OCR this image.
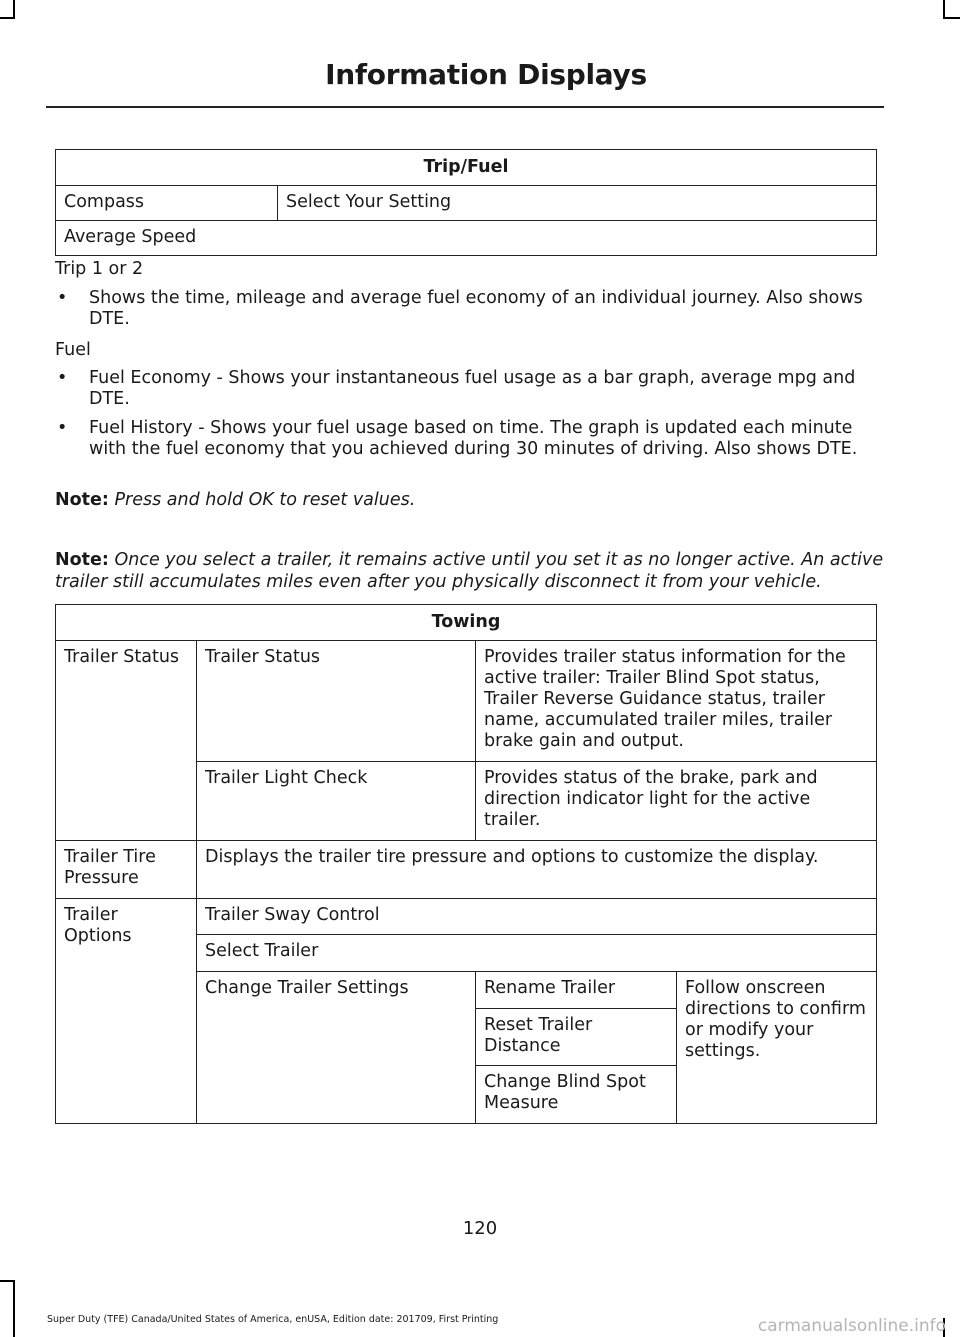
Information Displays
Trip/Fuel
Compass	Select Your Setting
Average Speed
Trip 1 or 2
• Shows the time, mileage and average fuel economy of an individual journey. Also shows DTE.
Fuel
• Fuel Economy - Shows your instantaneous fuel usage as a bar graph, average mpg and DTE.
• Fuel History - Shows your fuel usage based on time. The graph is updated each minute with the fuel economy that you achieved during 30 minutes of driving. Also shows DTE.
Note: Press and hold OK to reset values.
Note: Once you select a trailer, it remains active until you set it as no longer active. An active trailer still accumulates miles even after you physically disconnect it from your vehicle.
Towing			
Trailer Status	Trailer Status	Provides trailer status information for the active trailer: Trailer Blind Spot status, Trailer Reverse Guidance status, trailer name, accumulated trailer miles, trailer brake gain and output.	
	Trailer Light Check	Provides status of the brake, park and direction indicator light for the active trailer.	
Trailer Tire Pressure	Displays the trailer tire pressure and options to customize the display.		
Trailer Options	Trailer Sway Control		
	Select Trailer		
	Change Trailer Settings	Rename Trailer	Follow onscreen directions to confirm or modify your settings.
		Reset Trailer Distance	
		Change Blind Spot Measure	
120
Super Duty (TFE) Canada/United States of America, enUSA, Edition date: 201709, First Printing	carmanualsonline.info
